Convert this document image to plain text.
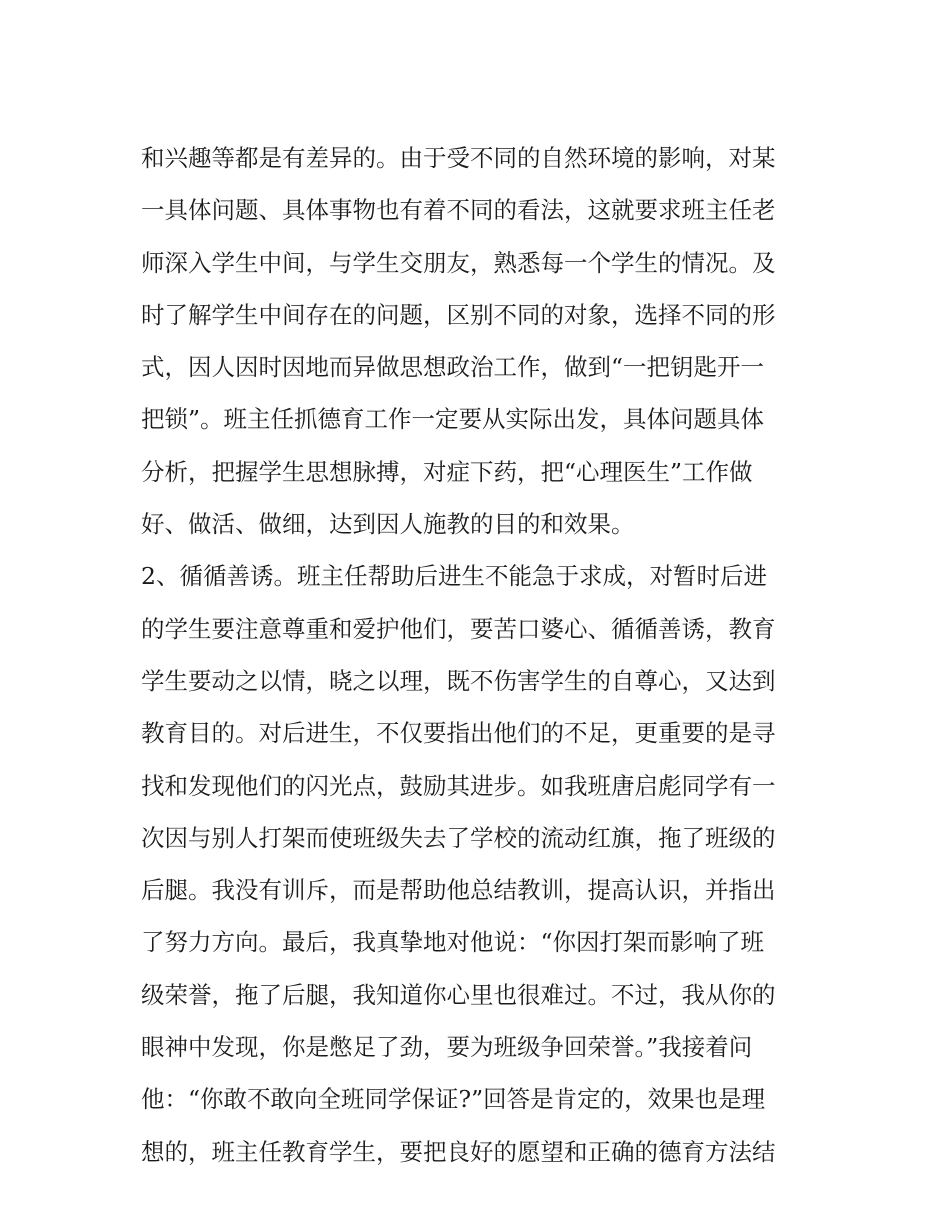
和兴趣等都是有差异的。由于受不同的自然环境的影响，对某
一具体问题、具体事物也有着不同的看法，这就要求班主任老
师深入学生中间，与学生交朋友，熟悉每一个学生的情况。及
时了解学生中间存在的问题，区别不同的对象，选择不同的形
式，因人因时因地而异做思想政治工作，做到“一把钥匙开一
把锁”。班主任抓德育工作一定要从实际出发，具体问题具体
分析，把握学生思想脉搏，对症下药，把“心理医生”工作做
好、做活、做细，达到因人施教的目的和效果。
2、循循善诱。班主任帮助后进生不能急于求成，对暂时后进
的学生要注意尊重和爱护他们，要苦口婆心、循循善诱，教育
学生要动之以情，晓之以理，既不伤害学生的自尊心，又达到
教育目的。对后进生，不仅要指出他们的不足，更重要的是寻
找和发现他们的闪光点，鼓励其进步。如我班唐启彪同学有一
次因与别人打架而使班级失去了学校的流动红旗，拖了班级的
后腿。我没有训斥，而是帮助他总结教训，提高认识，并指出
了努力方向。最后，我真挚地对他说：“你因打架而影响了班
级荣誉，拖了后腿，我知道你心里也很难过。不过，我从你的
眼神中发现，你是憋足了劲，要为班级争回荣誉。”我接着问
他：“你敢不敢向全班同学保证?”回答是肯定的，效果也是理
想的，班主任教育学生，要把良好的愿望和正确的德育方法结
